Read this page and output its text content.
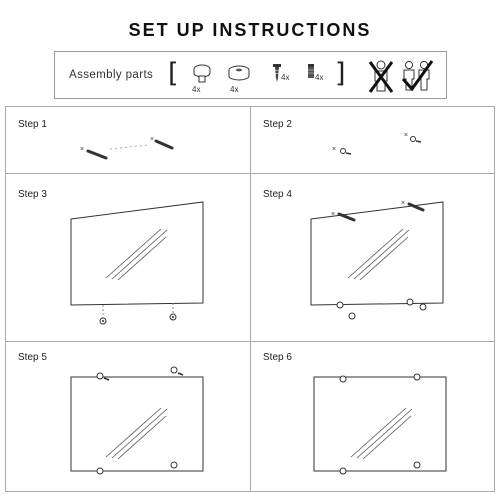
SET UP INSTRUCTIONS
Assembly parts [
4x	4x
4x	4x ]
Step 1	Step 2
Step 3	Step 4
Step 5	Step 6
×
×
×
×
×
×
